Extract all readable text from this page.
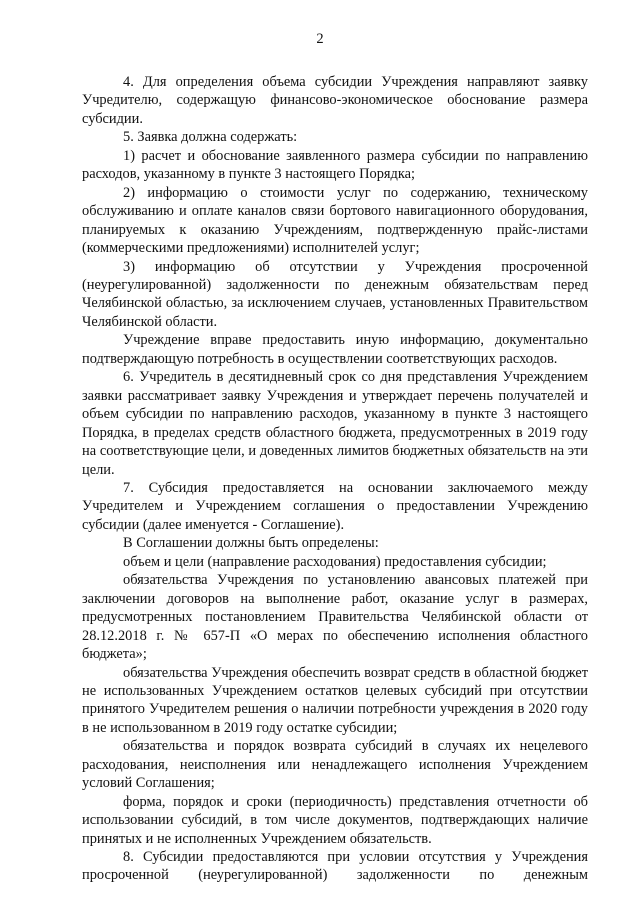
2

4. Для определения объема субсидии Учреждения направляют заявку Учредителю, содержащую финансово-экономическое обоснование размера субсидии.

5. Заявка должна содержать:

1) расчет и обоснование заявленного размера субсидии по направлению расходов, указанному в пункте 3 настоящего Порядка;

2) информацию о стоимости услуг по содержанию, техническому обслуживанию и оплате каналов связи бортового навигационного оборудования, планируемых к оказанию Учреждениям, подтвержденную прайс-листами (коммерческими предложениями) исполнителей услуг;

3) информацию об отсутствии у Учреждения просроченной (неурегулированной) задолженности по денежным обязательствам перед Челябинской областью, за исключением случаев, установленных Правительством Челябинской области.

Учреждение вправе предоставить иную информацию, документально подтверждающую потребность в осуществлении соответствующих расходов.

6. Учредитель в десятидневный срок со дня представления Учреждением заявки рассматривает заявку Учреждения и утверждает перечень получателей и объем субсидии по направлению расходов, указанному в пункте 3 настоящего Порядка, в пределах средств областного бюджета, предусмотренных в 2019 году на соответствующие цели, и доведенных лимитов бюджетных обязательств на эти цели.

7. Субсидия предоставляется на основании заключаемого между Учредителем и Учреждением соглашения о предоставлении Учреждению субсидии (далее именуется - Соглашение).

В Соглашении должны быть определены:

объем и цели (направление расходования) предоставления субсидии;

обязательства Учреждения по установлению авансовых платежей при заключении договоров на выполнение работ, оказание услуг в размерах, предусмотренных постановлением Правительства Челябинской области от 28.12.2018 г. № 657-П «О мерах по обеспечению исполнения областного бюджета»;

обязательства Учреждения обеспечить возврат средств в областной бюджет не использованных Учреждением остатков целевых субсидий при отсутствии принятого Учредителем решения о наличии потребности учреждения в 2020 году в не использованном в 2019 году остатке субсидии;

обязательства и порядок возврата субсидий в случаях их нецелевого расходования, неисполнения или ненадлежащего исполнения Учреждением условий Соглашения;

форма, порядок и сроки (периодичность) представления отчетности об использовании субсидий, в том числе документов, подтверждающих наличие принятых и не исполненных Учреждением обязательств.

8. Субсидии предоставляются при условии отсутствия у Учреждения просроченной (неурегулированной) задолженности по денежным
